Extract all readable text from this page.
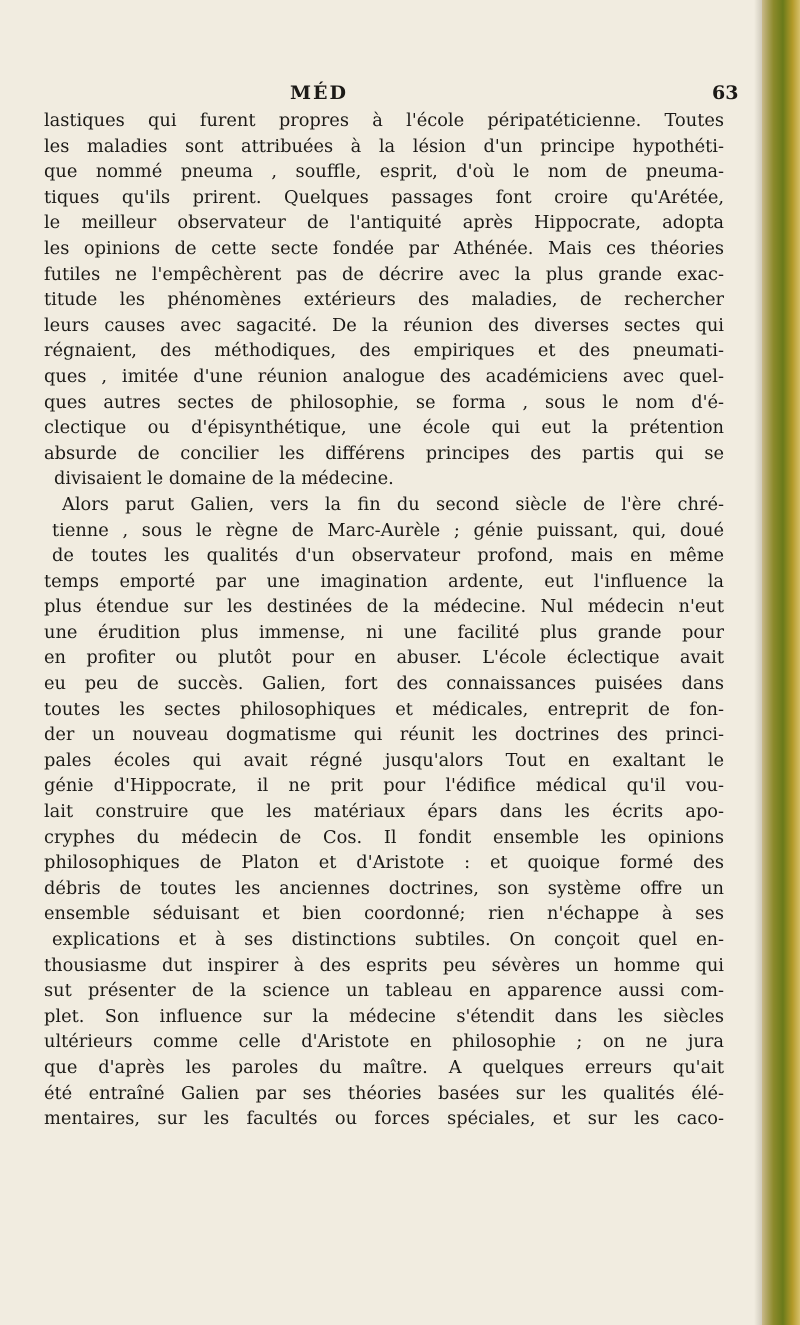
MÉD	63
lastiques qui furent propres à l'école péripatéticienne. Toutes
les maladies sont attribuées à la lésion d'un principe hypothéti-
que nommé pneuma , souffle, esprit, d'où le nom de pneuma-
tiques qu'ils prirent. Quelques passages font croire qu'Arétée,
le meilleur observateur de l'antiquité après Hippocrate, adopta
les opinions de cette secte fondée par Athénée. Mais ces théories
futiles ne l'empêchèrent pas de décrire avec la plus grande exac-
titude les phénomènes extérieurs des maladies, de rechercher
leurs causes avec sagacité. De la réunion des diverses sectes qui
régnaient, des méthodiques, des empiriques et des pneumati-
ques , imitée d'une réunion analogue des académiciens avec quel-
ques autres sectes de philosophie, se forma , sous le nom d'é-
clectique ou d'épisynthétique, une école qui eut la prétention
absurde de concilier les différens principes des partis qui se
divisaient le domaine de la médecine.
Alors parut Galien, vers la fin du second siècle de l'ère chré-
tienne , sous le règne de Marc-Aurèle ; génie puissant, qui, doué
de toutes les qualités d'un observateur profond, mais en même
temps emporté par une imagination ardente, eut l'influence la
plus étendue sur les destinées de la médecine. Nul médecin n'eut
une érudition plus immense, ni une facilité plus grande pour
en profiter ou plutôt pour en abuser. L'école éclectique avait
eu peu de succès. Galien, fort des connaissances puisées dans
toutes les sectes philosophiques et médicales, entreprit de fon-
der un nouveau dogmatisme qui réunit les doctrines des princi-
pales écoles qui avait régné jusqu'alors Tout en exaltant le
génie d'Hippocrate, il ne prit pour l'édifice médical qu'il vou-
lait construire que les matériaux épars dans les écrits apo-
cryphes du médecin de Cos. Il fondit ensemble les opinions
philosophiques de Platon et d'Aristote : et quoique formé des
débris de toutes les anciennes doctrines, son système offre un
ensemble séduisant et bien coordonné; rien n'échappe à ses
explications et à ses distinctions subtiles. On conçoit quel en-
thousiasme dut inspirer à des esprits peu sévères un homme qui
sut présenter de la science un tableau en apparence aussi com-
plet. Son influence sur la médecine s'étendit dans les siècles
ultérieurs comme celle d'Aristote en philosophie ; on ne jura
que d'après les paroles du maître. A quelques erreurs qu'ait
été entraîné Galien par ses théories basées sur les qualités élé-
mentaires, sur les facultés ou forces spéciales, et sur les caco-
